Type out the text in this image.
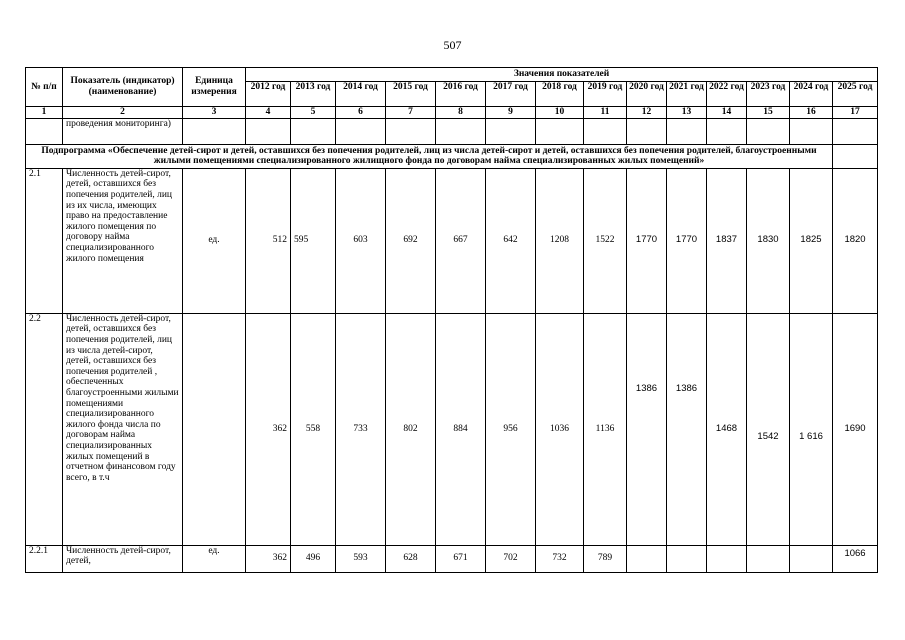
507
№ п/п	Показатель (индикатор) (наименование)	Единица измерения	Значения показателей													
			2012 год	2013 год	2014 год	2015 год	2016 год	2017 год	2018 год	2019 год	2020 год	2021 год	2022 год	2023 год	2024 год	2025 год
1	2	3	4	5	6	7	8	9	10	11	12	13	14	15	16	17
	проведения мониторинга)															
Подпрограмма «Обеспечение детей-сирот и детей, оставшихся без попечения родителей, лиц из числа детей-сирот и детей, оставшихся без попечения родителей, благоустроенными жилыми помещениями специализированного жилищного фонда по договорам найма специализированных жилых помещений»																
2.1	Численность детей-сирот, детей, оставшихся без попечения родителей, лиц из их числа, имеющих право на предоставление жилого помещения по договору найма специализированного жилого помещения	ед.	512	595	603	692	667	642	1208	1522	1770	1770	1837	1830	1825	1820
2.2	Численность детей-сирот, детей, оставшихся без попечения родителей, лиц из числа детей-сирот, детей, оставшихся без попечения родителей , обеспеченных благоустроенными жилыми помещениями специализированного жилого фонда числа по договорам найма специализированных жилых помещений в отчетном финансовом году всего, в т.ч		362	558	733	802	884	956	1036	1136	1386	1386	1468	1542	1 616	1690
2.2.1	Численность детей-сирот, детей,	ед.	362	496	593	628	671	702	732	789						1066
